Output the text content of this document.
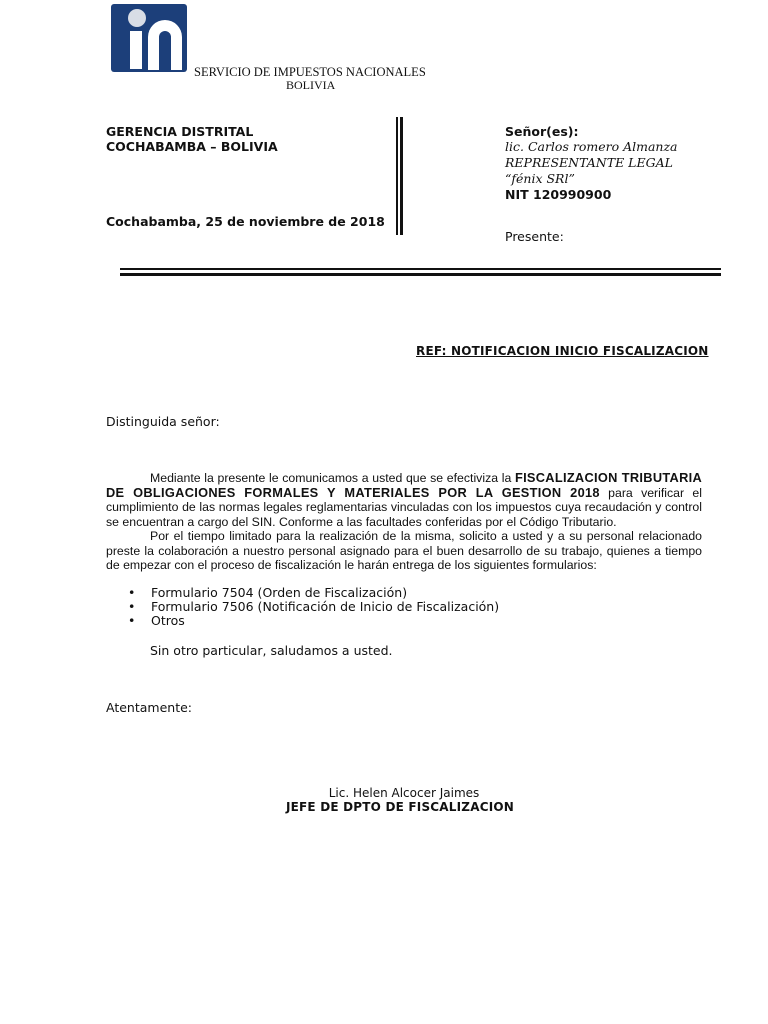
SERVICIO DE IMPUESTOS NACIONALES
BOLIVIA
GERENCIA DISTRITAL
COCHABAMBA – BOLIVIA
Cochabamba, 25 de noviembre de 2018
Señor(es):
lic. Carlos romero Almanza
REPRESENTANTE LEGAL
“fénix SRl”
NIT 120990900
Presente:
REF: NOTIFICACION INICIO FISCALIZACION
Distinguida señor:
Mediante la presente le comunicamos a usted que se efectiviza la FISCALIZACION TRIBUTARIA DE OBLIGACIONES FORMALES Y MATERIALES POR LA GESTION 2018 para verificar el cumplimiento de las normas legales reglamentarias vinculadas con los impuestos cuya recaudación y control se encuentran a cargo del SIN. Conforme a las facultades conferidas por el Código Tributario.
Por el tiempo limitado para la realización de la misma, solicito a usted y a su personal relacionado preste la colaboración a nuestro personal asignado para el buen desarrollo de su trabajo, quienes a tiempo de empezar con el proceso de fiscalización le harán entrega de los siguientes formularios:
• Formulario 7504 (Orden de Fiscalización)
• Formulario 7506 (Notificación de Inicio de Fiscalización)
• Otros
Sin otro particular, saludamos a usted.
Atentamente:
Lic. Helen Alcocer Jaimes
JEFE DE DPTO DE FISCALIZACION
